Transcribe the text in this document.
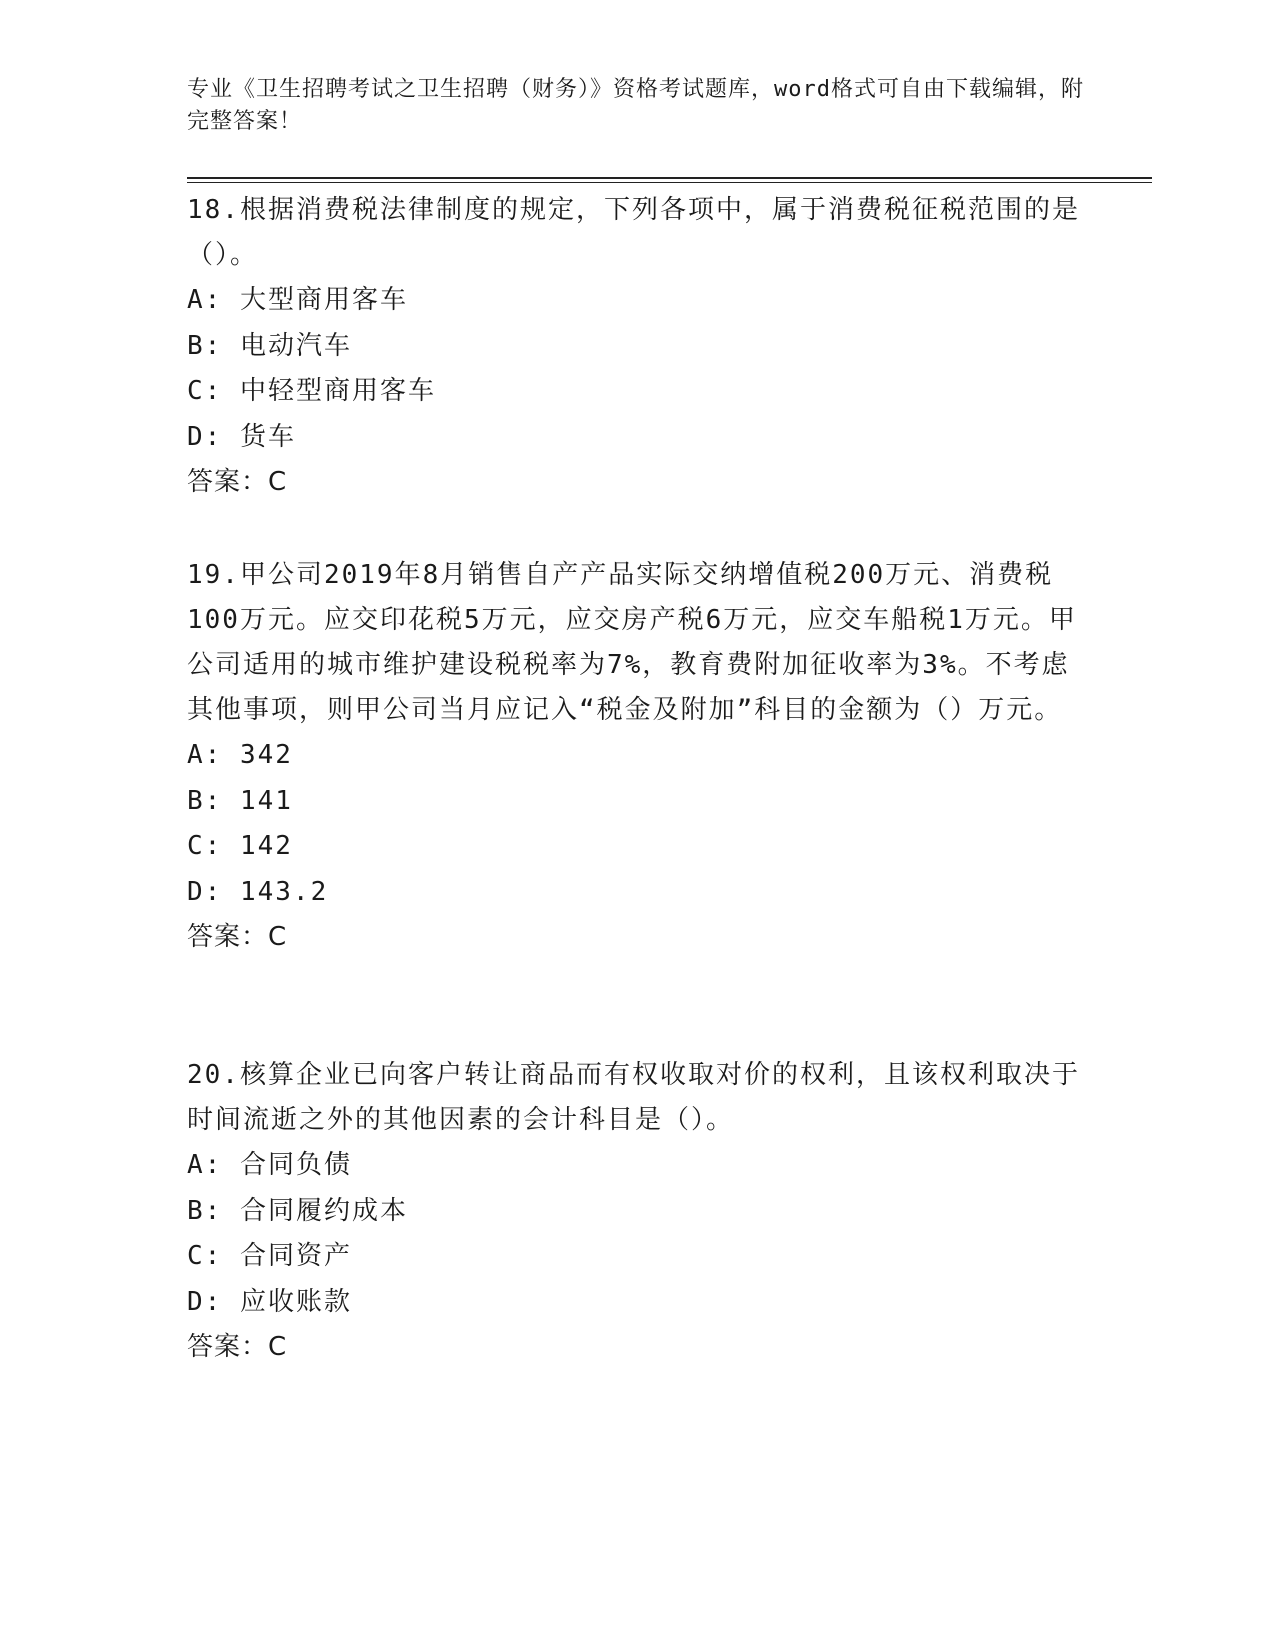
专业《卫生招聘考试之卫生招聘（财务）》资格考试题库，word格式可自由下载编辑，附完整答案！

18.根据消费税法律制度的规定，下列各项中，属于消费税征税范围的是（）。

A: 大型商用客车

B: 电动汽车

C: 中轻型商用客车

D: 货车

答案：C

19.甲公司2019年8月销售自产产品实际交纳增值税200万元、消费税100万元。应交印花税5万元，应交房产税6万元，应交车船税1万元。甲公司适用的城市维护建设税税率为7%，教育费附加征收率为3%。不考虑其他事项，则甲公司当月应记入“税金及附加”科目的金额为（）万元。

A: 342

B: 141

C: 142

D: 143.2

答案：C

20.核算企业已向客户转让商品而有权收取对价的权利，且该权利取决于时间流逝之外的其他因素的会计科目是（）。

A: 合同负债

B: 合同履约成本

C: 合同资产

D: 应收账款

答案：C
